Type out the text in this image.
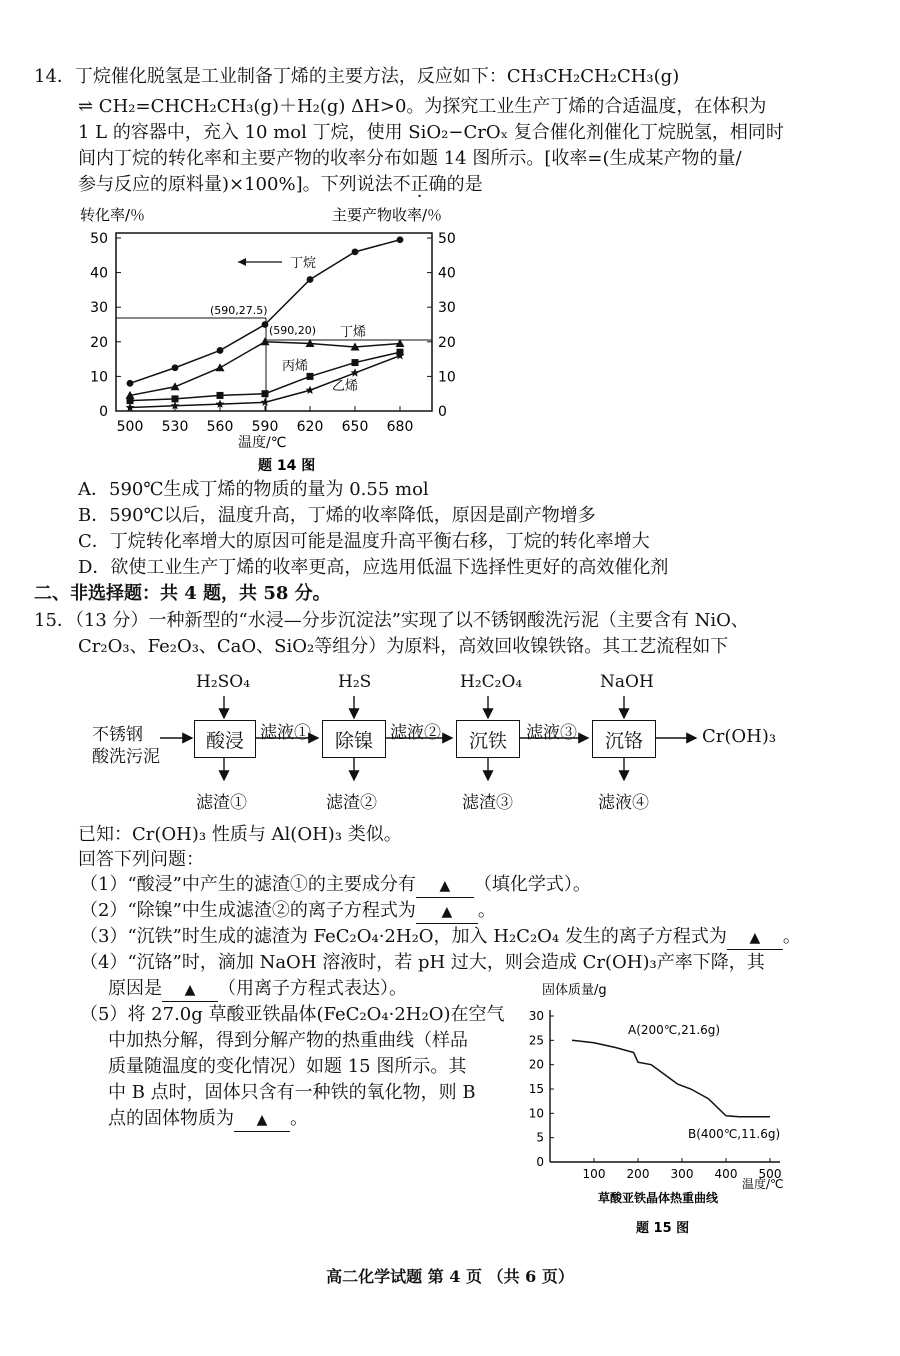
14．丁烷催化脱氢是工业制备丁烯的主要方法，反应如下：CH₃CH₂CH₂CH₃(g)
⇌ CH₂=CHCH₂CH₃(g)＋H₂(g) ΔH>0。为探究工业生产丁烯的合适温度，在体积为
1 L 的容器中，充入 10 mol 丁烷，使用 SiO₂−CrOₓ 复合催化剂催化丁烷脱氢，相同时
间内丁烷的转化率和主要产物的收率分布如题 14 图所示。[收率=(生成某产物的量/
参与反应的原料量)×100%]。下列说法不正确的是
转化率/％	主要产物收率/％
0
10
20
30
40
50
0
10
20
30
40
50
500 530 560 590 620 650 680
(590,27.5)
(590,20)
丁烷
丁烯
丙烯
乙烯
温度/℃
题 14 图
A．590℃生成丁烯的物质的量为 0.55 mol
B．590℃以后，温度升高，丁烯的收率降低，原因是副产物增多
C．丁烷转化率增大的原因可能是温度升高平衡右移，丁烷的转化率增大
D．欲使工业生产丁烯的收率更高，应选用低温下选择性更好的高效催化剂
二、非选择题：共 4 题，共 58 分。
15．（13 分）一种新型的“水浸—分步沉淀法”实现了以不锈钢酸洗污泥（主要含有 NiO、
Cr₂O₃、Fe₂O₃、CaO、SiO₂等组分）为原料，高效回收镍铁铬。其工艺流程如下
不锈钢
酸洗污泥
H₂SO₄	H₂S	H₂C₂O₄	NaOH
酸浸	除镍	沉铁	沉铬
滤液①	滤液②	滤液③	Cr(OH)₃
滤渣①	滤渣②	滤渣③	滤液④
已知：Cr(OH)₃ 性质与 Al(OH)₃ 类似。
回答下列问题：
（1）“酸浸”中产生的滤渣①的主要成分有 ▲ （填化学式）。
（2）“除镍”中生成滤渣②的离子方程式为 ▲ 。
（3）“沉铁”时生成的滤渣为 FeC₂O₄·2H₂O，加入 H₂C₂O₄ 发生的离子方程式为 ▲ 。
（4）“沉铬”时，滴加 NaOH 溶液时，若 pH 过大，则会造成 Cr(OH)₃产率下降，其
原因是 ▲ （用离子方程式表达）。
（5）将 27.0g 草酸亚铁晶体(FeC₂O₄·2H₂O)在空气
中加热分解，得到分解产物的热重曲线（样品
质量随温度的变化情况）如题 15 图所示。其
中 B 点时，固体只含有一种铁的氧化物，则 B
点的固体物质为 ▲ 。
固体质量/g
0
5
10
15
20
25
30
100 200 300 400 500
A(200℃,21.6g)
B(400℃,11.6g)
温度/℃
草酸亚铁晶体热重曲线
题 15 图
高二化学试题 第 4 页 （共 6 页）
